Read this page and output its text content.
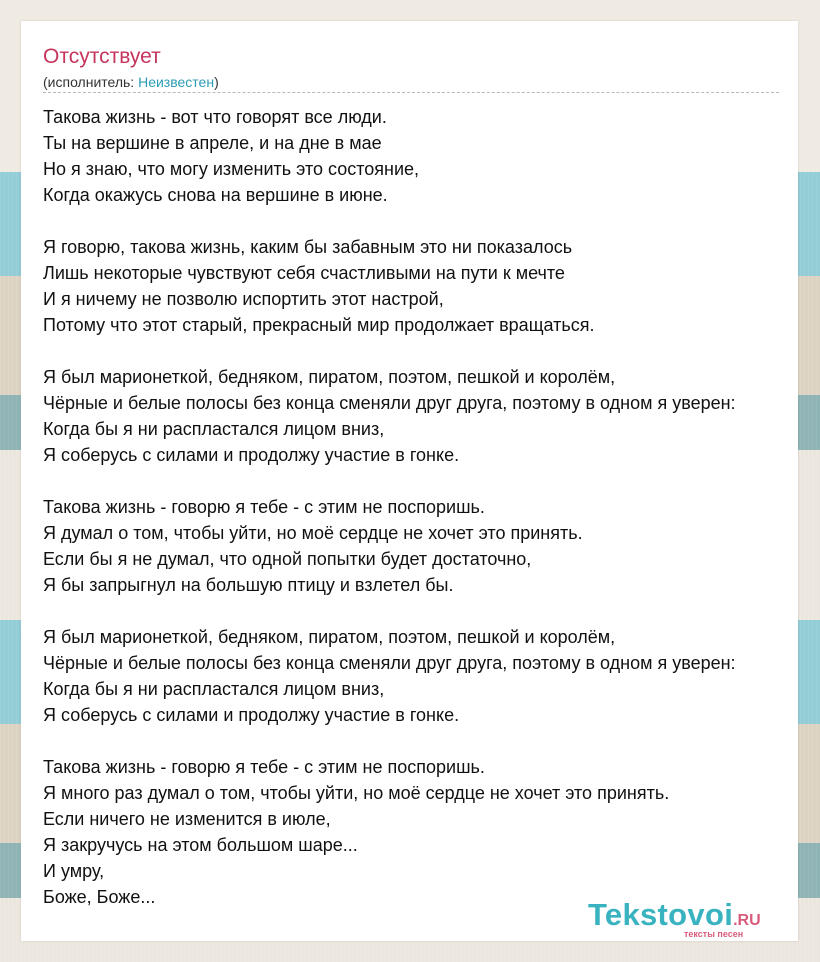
Отсутствует
(исполнитель: Неизвестен)
Такова жизнь - вот что говорят все люди.
Ты на вершине в апреле, и на дне в мае
Но я знаю, что могу изменить это состояние,
Когда окажусь снова на вершине в июне.
Я говорю, такова жизнь, каким бы забавным это ни показалось
Лишь некоторые чувствуют себя счастливыми на пути к мечте
И я ничему не позволю испортить этот настрой,
Потому что этот старый, прекрасный мир продолжает вращаться.
Я был марионеткой, бедняком, пиратом, поэтом, пешкой и королём,
Чёрные и белые полосы без конца сменяли друг друга, поэтому в одном я уверен:
Когда бы я ни распластался лицом вниз,
Я соберусь с силами и продолжу участие в гонке.
Такова жизнь - говорю я тебе - с этим не поспоришь.
Я думал о том, чтобы уйти, но моё сердце не хочет это принять.
Если бы я не думал, что одной попытки будет достаточно,
Я бы запрыгнул на большую птицу и взлетел бы.
Я был марионеткой, бедняком, пиратом, поэтом, пешкой и королём,
Чёрные и белые полосы без конца сменяли друг друга, поэтому в одном я уверен:
Когда бы я ни распластался лицом вниз,
Я соберусь с силами и продолжу участие в гонке.
Такова жизнь - говорю я тебе - с этим не поспоришь.
Я много раз думал о том, чтобы уйти, но моё сердце не хочет это принять.
Если ничего не изменится в июле,
Я закручусь на этом большом шаре...
И умру,
Боже, Боже...	Tekstovoi.RU
тексты песен
